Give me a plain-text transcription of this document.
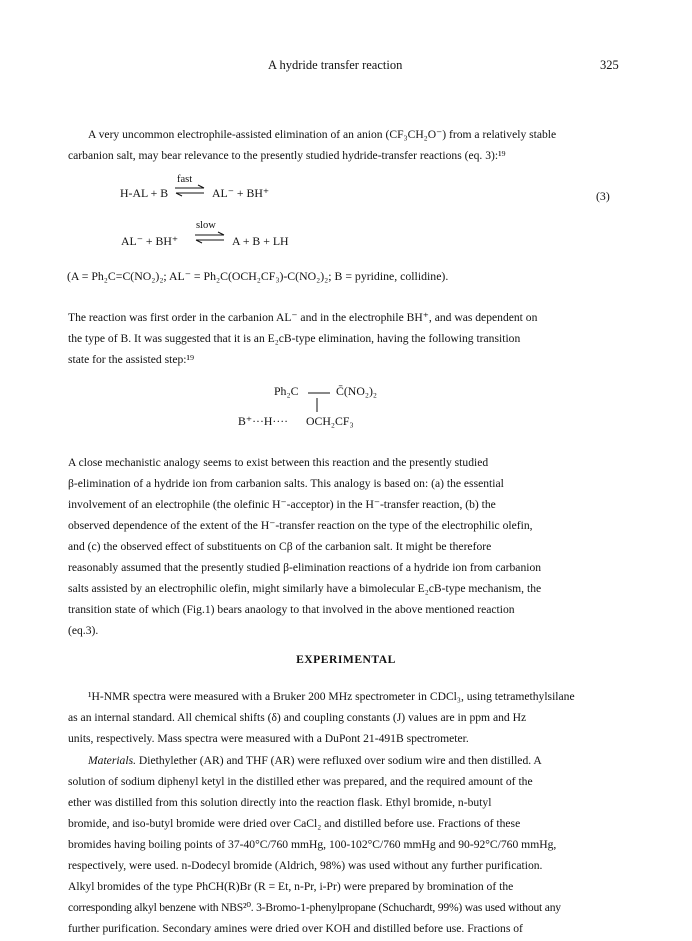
A hydride transfer reaction	325
A very uncommon electrophile-assisted elimination of an anion (CF₃CH₂O⁻) from a relatively stable
carbanion salt, may bear relevance to the presently studied hydride-transfer reactions (eq. 3):¹⁹
H-AL + B
fast
⇌ AL⁻ + BH⁺	(3)
AL⁻ + BH⁺
slow
⇌ A + B + LH
(A = Ph₂C=C(NO₂)₂; AL⁻ = Ph₂C(OCH₂CF₃)-C(NO₂)₂; B = pyridine, collidine).
The reaction was first order in the carbanion AL⁻ and in the electrophile BH⁺, and was dependent on
the type of B. It was suggested that it is an E₂cB-type elimination, having the following transition
state for the assisted step:¹⁹
Ph₂C	C̄(NO₂)₂
B⁺···H···· OCH₂CF₃
A close mechanistic analogy seems to exist between this reaction and the presently studied
β-elimination of a hydride ion from carbanion salts. This analogy is based on: (a) the essential
involvement of an electrophile (the olefinic H⁻-acceptor) in the H⁻-transfer reaction, (b) the
observed dependence of the extent of the H⁻-transfer reaction on the type of the electrophilic olefin,
and (c) the observed effect of substituents on Cβ of the carbanion salt. It might be therefore
reasonably assumed that the presently studied β-elimination reactions of a hydride ion from carbanion
salts assisted by an electrophilic olefin, might similarly have a bimolecular E₂cB-type mechanism, the
transition state of which (Fig.1) bears anaology to that involved in the above mentioned reaction
(eq.3).
EXPERIMENTAL
¹H-NMR spectra were measured with a Bruker 200 MHz spectrometer in CDCl₃, using tetramethylsilane
as an internal standard. All chemical shifts (δ) and coupling constants (J) values are in ppm and Hz
units, respectively. Mass spectra were measured with a DuPont 21-491B spectrometer.
Materials. Diethylether (AR) and THF (AR) were refluxed over sodium wire and then distilled. A
solution of sodium diphenyl ketyl in the distilled ether was prepared, and the required amount of the
ether was distilled from this solution directly into the reaction flask. Ethyl bromide, n-butyl
bromide, and iso-butyl bromide were dried over CaCl₂ and distilled before use. Fractions of these
bromides having boiling points of 37-40°C/760 mmHg, 100-102°C/760 mmHg and 90-92°C/760 mmHg,
respectively, were used. n-Dodecyl bromide (Aldrich, 98%) was used without any further purification.
Alkyl bromides of the type PhCH(R)Br (R = Et, n-Pr, i-Pr) were prepared by bromination of the
corresponding alkyl benzene with NBS²⁰. 3-Bromo-1-phenylpropane (Schuchardt, 99%) was used without any
further purification. Secondary amines were dried over KOH and distilled before use. Fractions of
